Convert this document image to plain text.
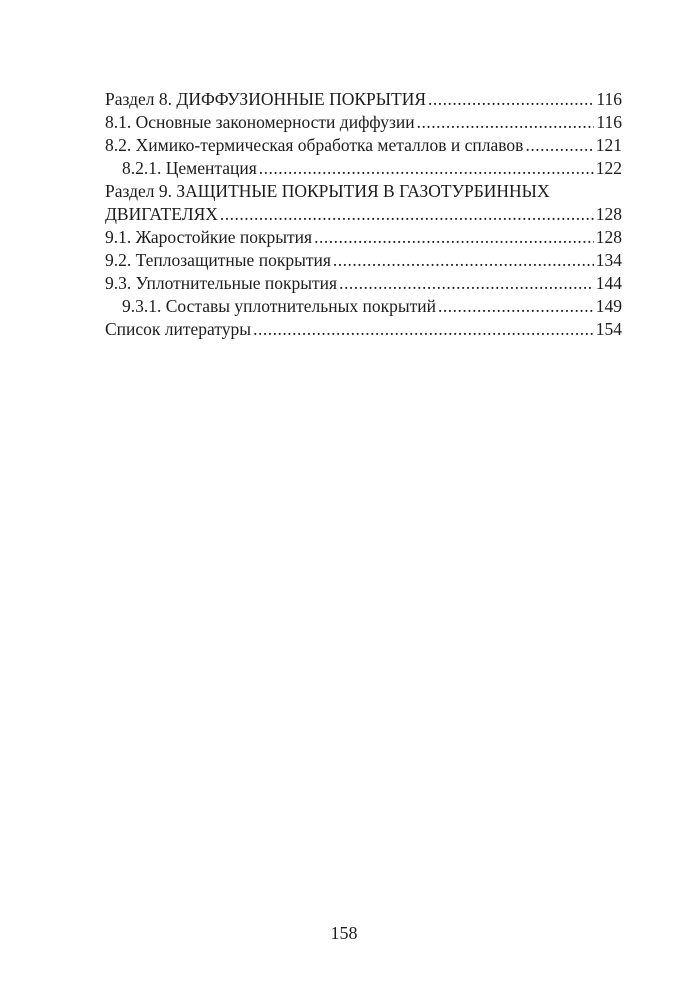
Раздел 8. ДИФФУЗИОННЫЕ ПОКРЫТИЯ .....	116
8.1. Основные закономерности диффузии .....	116
8.2. Химико-термическая обработка металлов и сплавов .....	121
8.2.1. Цементация .....	122
Раздел 9. ЗАЩИТНЫЕ ПОКРЫТИЯ В ГАЗОТУРБИННЫХ
ДВИГАТЕЛЯХ .....	128
9.1. Жаростойкие покрытия .....	128
9.2. Теплозащитные покрытия .....	134
9.3. Уплотнительные покрытия .....	144
9.3.1. Составы уплотнительных покрытий .....	149
Список литературы .....	154
158
